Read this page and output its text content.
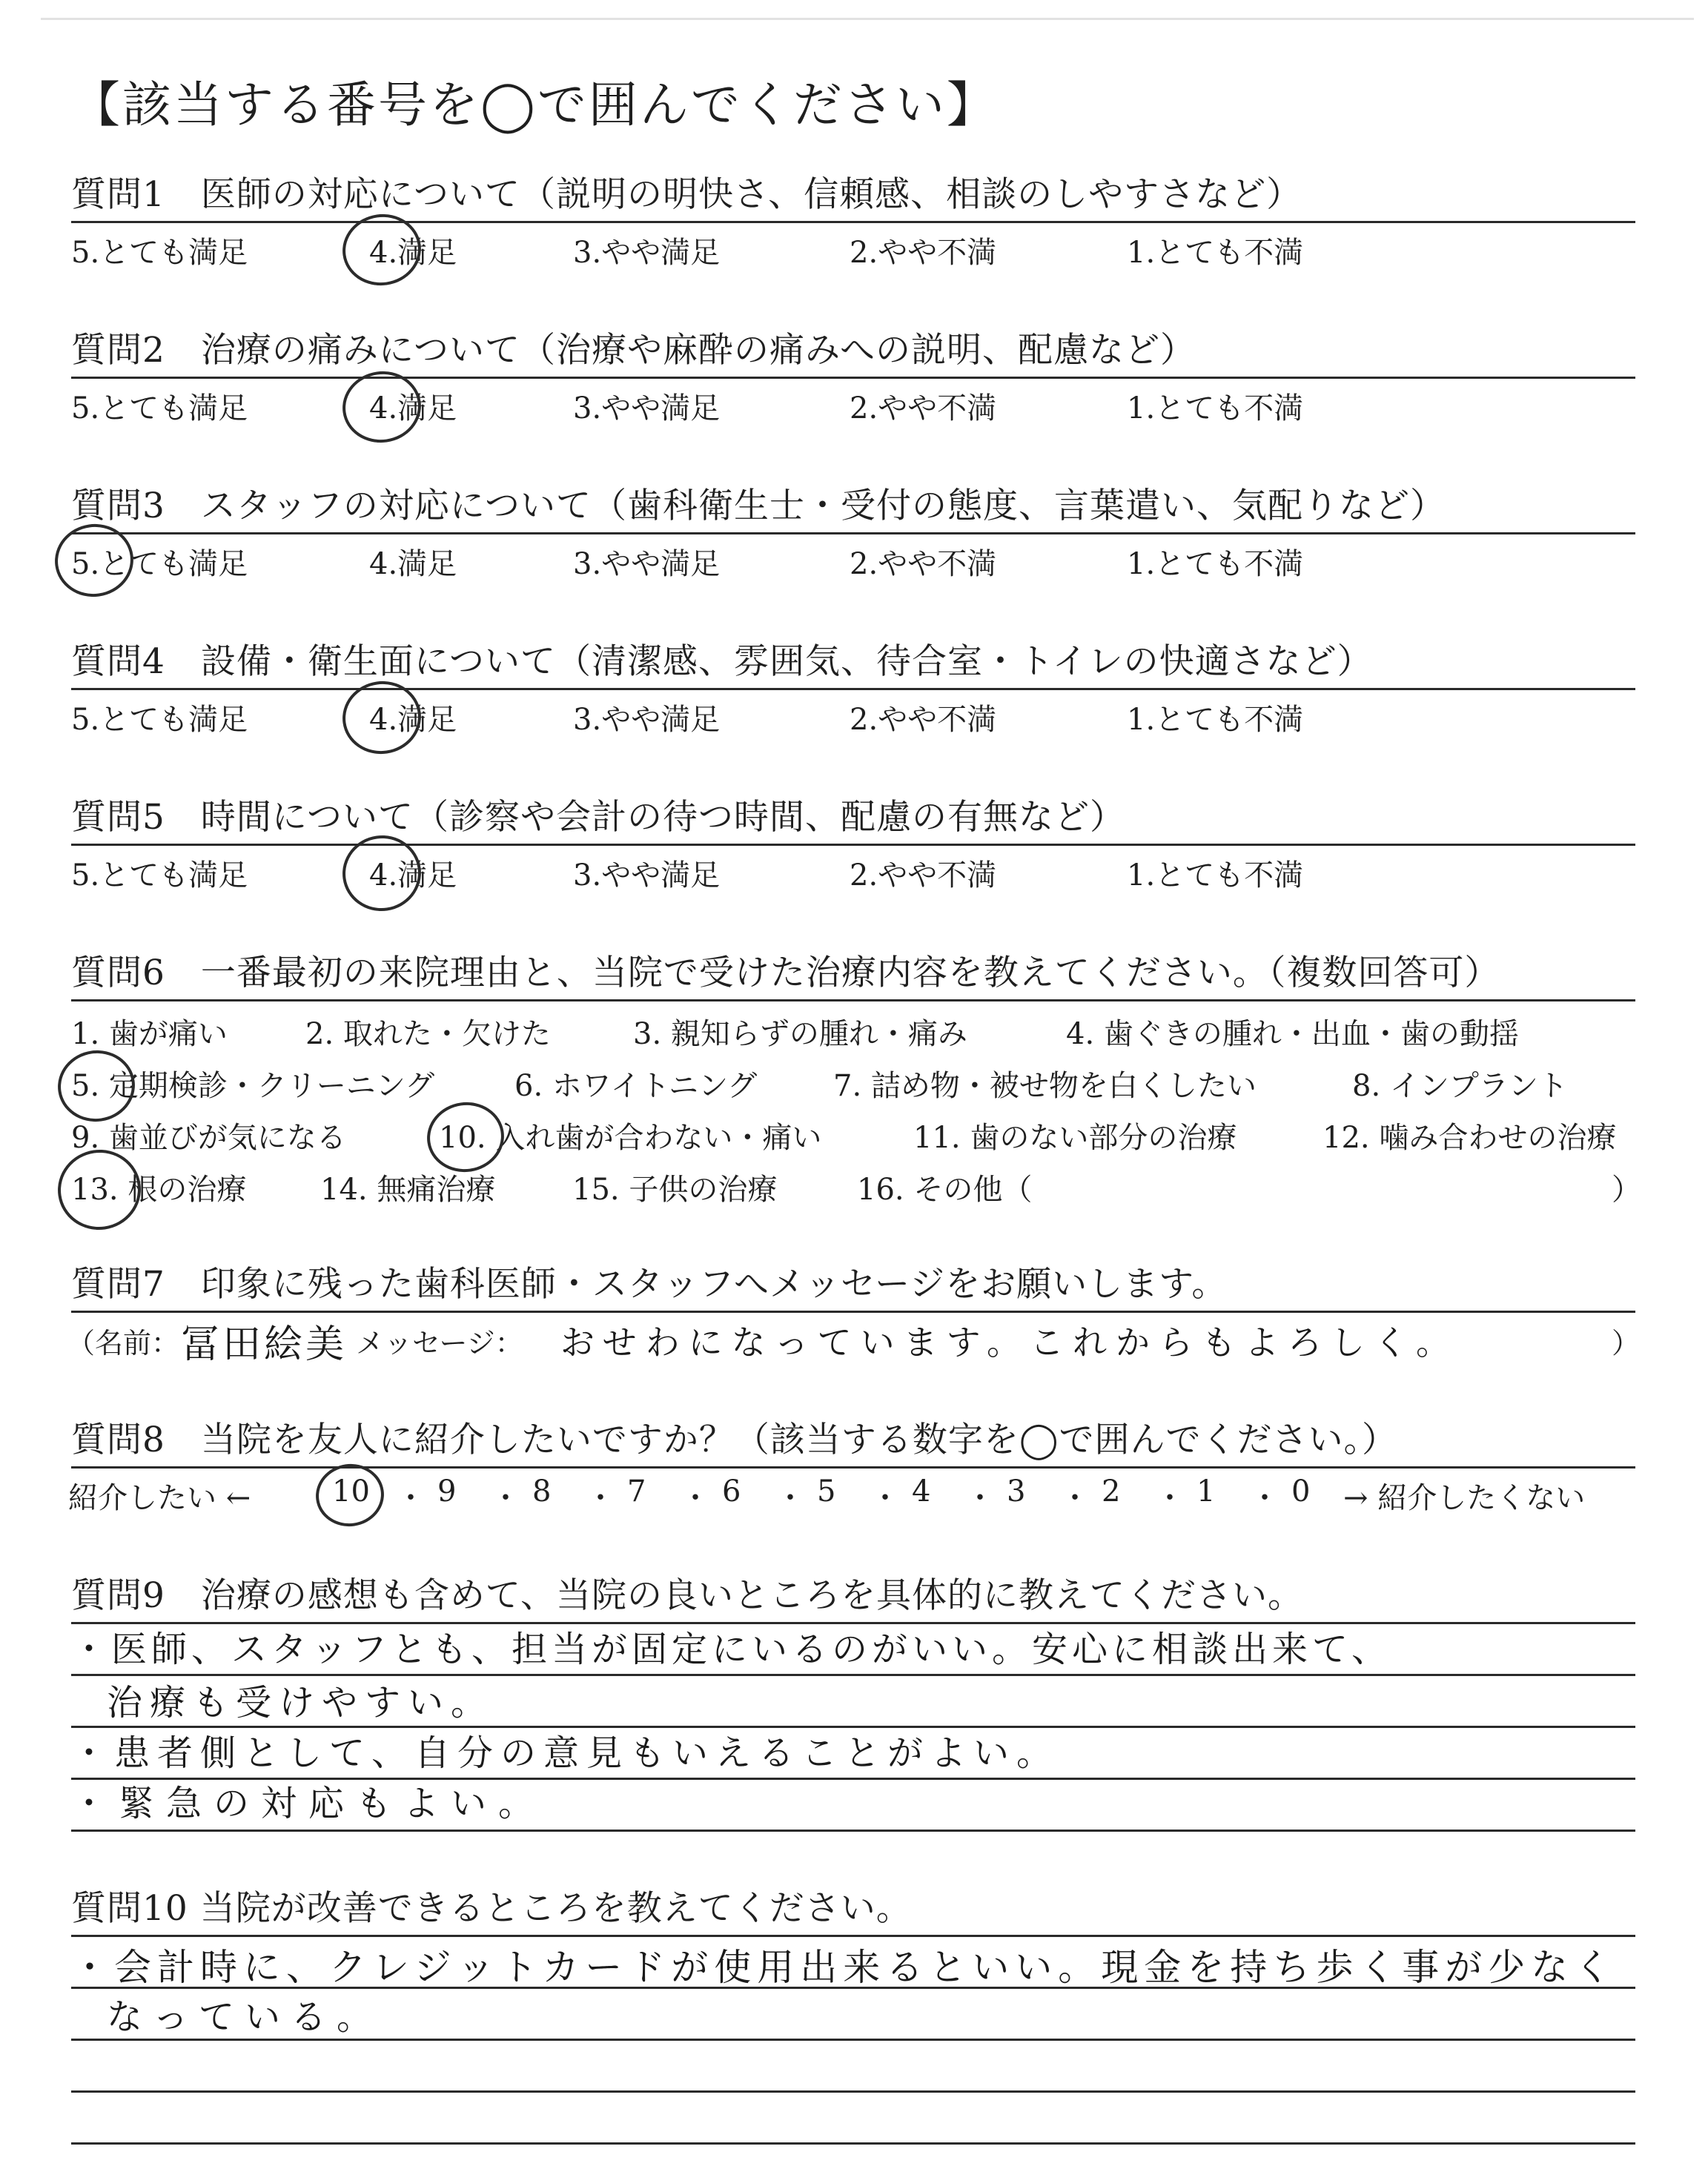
【該当する番号を◯で囲んでください】
質問1　医師の対応について（説明の明快さ、信頼感、相談のしやすさなど）
5.とても満足	4.満足	3.やや満足	2.やや不満	1.とても不満
質問2　治療の痛みについて（治療や麻酔の痛みへの説明、配慮など）
5.とても満足	4.満足	3.やや満足	2.やや不満	1.とても不満
質問3　スタッフの対応について（歯科衛生士・受付の態度、言葉遣い、気配りなど）
5.とても満足	4.満足	3.やや満足	2.やや不満	1.とても不満
質問4　設備・衛生面について（清潔感、雰囲気、待合室・トイレの快適さなど）
5.とても満足	4.満足	3.やや満足	2.やや不満	1.とても不満
質問5　時間について（診察や会計の待つ時間、配慮の有無など）
5.とても満足	4.満足	3.やや満足	2.やや不満	1.とても不満
質問6　一番最初の来院理由と、当院で受けた治療内容を教えてください。（複数回答可）
1. 歯が痛い	2. 取れた・欠けた	3. 親知らずの腫れ・痛み	4. 歯ぐきの腫れ・出血・歯の動揺
5. 定期検診・クリーニング	6. ホワイトニング	7. 詰め物・被せ物を白くしたい	8. インプラント
9. 歯並びが気になる	10. 入れ歯が合わない・痛い	11. 歯のない部分の治療	12. 噛み合わせの治療
13. 根の治療 14. 無痛治療	15. 子供の治療	16. その他（	）
質問7　印象に残った歯科医師・スタッフへメッセージをお願いします。
（名前： 冨田絵美 メッセージ： おせわになっています。これからもよろしく。	）
質問8　当院を友人に紹介したいですか？（該当する数字を◯で囲んでください。）
紹介したい ←	10 ・ 9 ・ 8 ・ 7 ・ 6 ・ 5 ・ 4 ・ 3 ・ 2 ・ 1 ・ 0 → 紹介したくない
質問9　治療の感想も含めて、当院の良いところを具体的に教えてください。
・医師、スタッフとも、担当が固定にいるのがいい。安心に相談出来て、
治療も受けやすい。
・患者側として、自分の意見もいえることがよい。
・緊急の対応もよい。
質問10 当院が改善できるところを教えてください。
・会計時に、クレジットカードが使用出来るといい。現金を持ち歩く事が少なく
なっている。
